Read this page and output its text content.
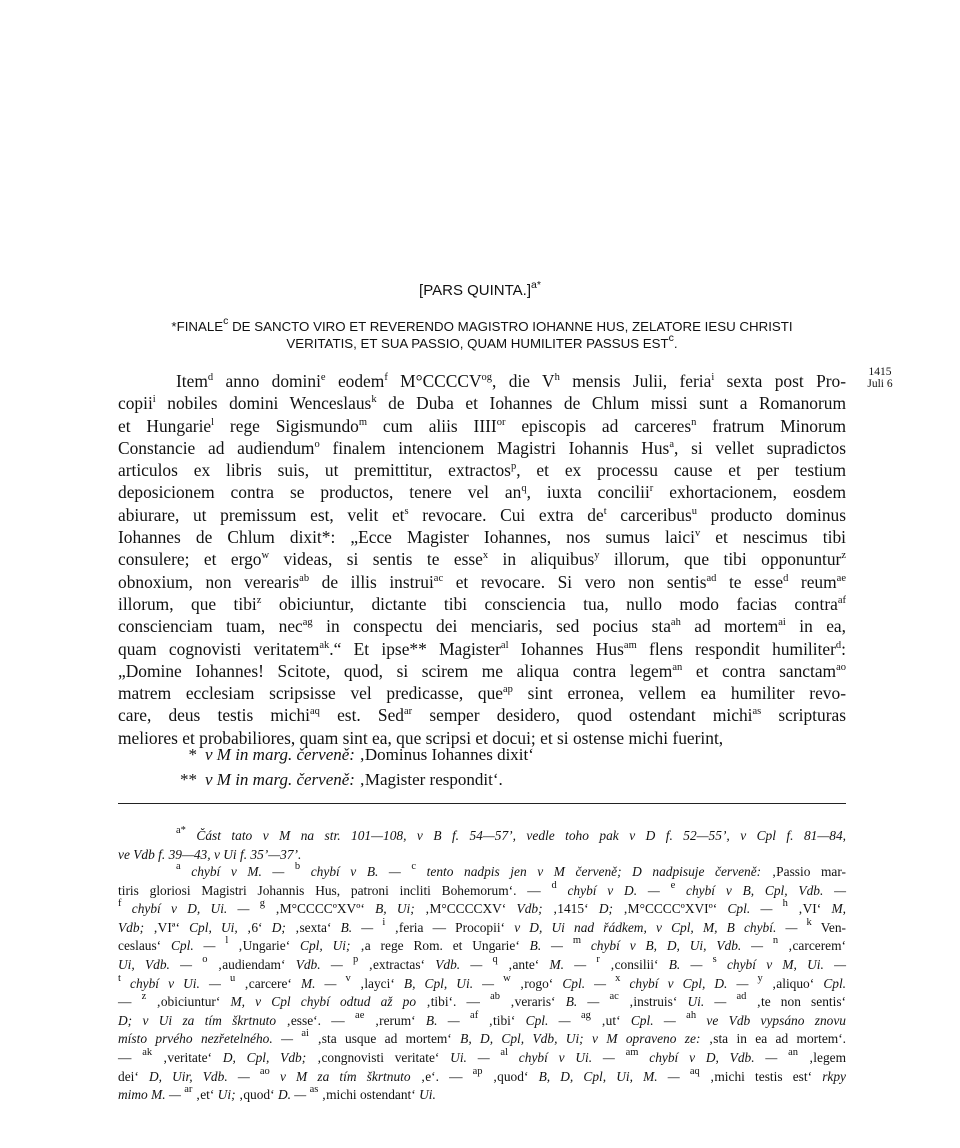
[PARS QUINTA.]$^{a*}$
*FINALE$^c$ DE SANCTO VIRO ET REVERENDO MAGISTRO IOHANNE HUS, ZELATORE IESU CHRISTI
VERITATIS, ET SUA PASSIO, QUAM HUMILITER PASSUS EST$^c$.
1415
Juli 6
Item$^d$ anno domini$^e$ eodem$^f$ $M^\circ CCCCV^{og}$, die $V^h$ mensis Julii, feria$^i$ sexta post Pro-
copii$^i$ nobiles domini Wenceslaus$^k$ de Duba et Iohannes de Chlum missi sunt a Romanorum
et Hungarie$^l$ rege Sigismundo$^m$ cum aliis $IIII^{or}$ episcopis ad carceres$^n$ fratrum Minorum
Constancie ad audiendum$^o$ finalem intencionem Magistri Iohannis Hus$^a$, si vellet supradictos
articulos ex libris suis, ut premittitur, extractos$^p$, et ex processu cause et per testium
deposicionem contra se productos, tenere vel $an^q$, iuxta concilii$^r$ exhortacionem, eosdem
abiurare, ut premissum est, velit $et^s$ revocare. Cui extra $de^t$ carceribus$^u$ producto dominus
Iohannes de Chlum dixit*: „Ecce Magister Iohannes, nos sumus laici$^v$ et nescimus tibi
consulere; et ergo$^w$ videas, si sentis te esse$^x$ in aliquibus$^y$ illorum, que tibi opponuntur$^z$
obnoxium, non verearis$^{ab}$ de illis instrui$^{ac}$ et revocare. Si vero non sentis$^{ad}$ te esse$^d$ reum$^{ae}$
illorum, que tibi$^z$ obiciuntur, dictante tibi consciencia tua, nullo modo facias contra$^{af}$
conscienciam tuam, nec$^{ag}$ in conspectu dei menciaris, sed pocius sta$^{ah}$ ad mortem$^{ai}$ in ea,
quam cognovisti veritatem$^{ak}$.“ Et ipse** Magister$^{al}$ Iohannes Hus$^{am}$ flens respondit humiliter$^d$:
„Domine Iohannes! Scitote, quod, si scirem me aliqua contra legem$^{an}$ et contra sanctam$^{ao}$
matrem ecclesiam scripsisse vel predicasse, que$^{ap}$ sint erronea, vellem ea humiliter revo-
care, deus testis michi$^{aq}$ est. Sed$^{ar}$ semper desidero, quod ostendant michi$^{as}$ scripturas
meliores et probabiliores, quam sint ea, que scripsi et docui; et si ostense michi fuerint,
* v M in marg. červeně: ‚Dominus Iohannes dixit‘
** v M in marg. červeně: ‚Magister respondit‘.
$^{a*}$ Část tato v M na str. 101—108, v B f. 54—57’, vedle toho pak v D f. 52—55’, v Cpl f. 81—84,
ve Vdb f. 39—43, v Ui f. 35’—37’.
$^a$ chybí v M. — $^b$ chybí v B. — $^c$ tento nadpis jen v M červeně; D nadpisuje červeně: ‚Passio mar-
tiris gloriosi Magistri Johannis Hus, patroni incliti Bohemorum‘. — $^d$ chybí v D. — $^e$ chybí v B, Cpl, Vdb. —
$^f$ chybí v D, Ui. — $^g$ ‚M°CCCCºXVº‘ B, Ui; ‚M°CCCCXV‘ Vdb; ‚1415‘ D; ‚M°CCCCºXVIº‘ Cpl. — $^h$ ‚VI‘ M,
Vdb; ‚VIª‘ Cpl, Ui, ‚6‘ D; ‚sexta‘ B. — $^i$ ‚feria — Procopii‘ v D, Ui nad řádkem, v Cpl, M, B chybí. — $^k$ Ven-
ceslaus‘ Cpl. — $^l$ ‚Ungarie‘ Cpl, Ui; ‚a rege Rom. et Ungarie‘ B. — $^m$ chybí v B, D, Ui, Vdb. — $^n$ ‚carcerem‘
Ui, Vdb. — $^o$ ‚audiendam‘ Vdb. — $^p$ ‚extractas‘ Vdb. — $^q$ ‚ante‘ M. — $^r$ ‚consilii‘ B. — $^s$ chybí v M, Ui. —
$^t$ chybí v Ui. — $^u$ ‚carcere‘ M. — $^v$ ‚layci‘ B, Cpl, Ui. — $^w$ ‚rogo‘ Cpl. — $^x$ chybí v Cpl, D. — $^y$ ‚aliquo‘ Cpl.
— $^z$ ‚obiciuntur‘ M, v Cpl chybí odtud až po ‚tibi‘. — $^{ab}$ ‚veraris‘ B. — $^{ac}$ ‚instruis‘ Ui. — $^{ad}$ ‚te non sentis‘
D; v Ui za tím škrtnuto ‚esse‘. — $^{ae}$ ‚rerum‘ B. — $^{af}$ ‚tibi‘ Cpl. — $^{ag}$ ‚ut‘ Cpl. — $^{ah}$ ve Vdb vypsáno znovu
místo prvého nezřetelného. — $^{ai}$ ‚sta usque ad mortem‘ B, D, Cpl, Vdb, Ui; v M opraveno ze: ‚sta in ea ad mortem‘.
— $^{ak}$ ‚veritate‘ D, Cpl, Vdb; ‚congnovisti veritate‘ Ui. — $^{al}$ chybí v Ui. — $^{am}$ chybí v D, Vdb. — $^{an}$ ‚legem
dei‘ D, Uir, Vdb. — $^{ao}$ v M za tím škrtnuto ‚e‘. — $^{ap}$ ‚quod‘ B, D, Cpl, Ui, M. — $^{aq}$ ‚michi testis est‘ rkpy
mimo M. — $^{ar}$ ‚et‘ Ui; ‚quod‘ D. — $^{as}$ ‚michi ostendant‘ Ui.
